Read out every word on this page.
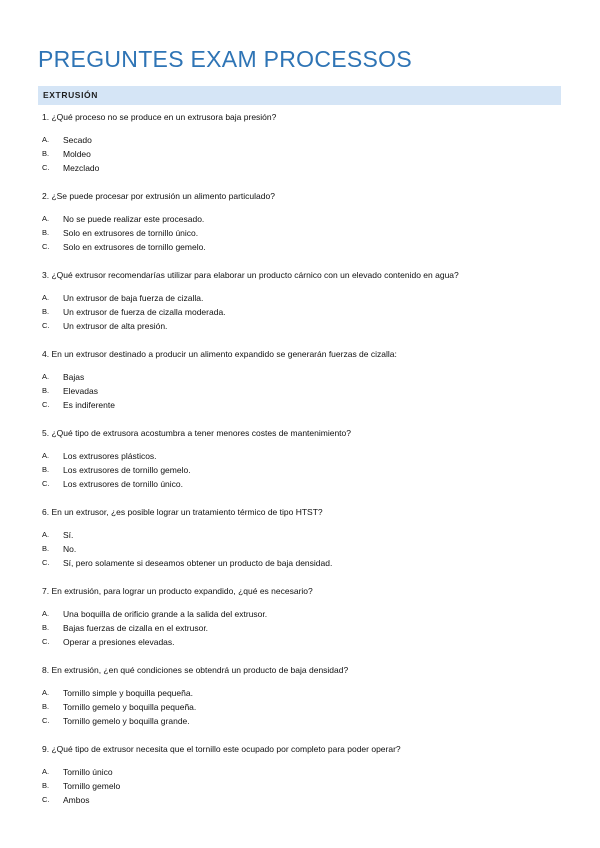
PREGUNTES EXAM PROCESSOS
EXTRUSIÓN
1. ¿Qué proceso no se produce en un extrusora baja presión?
A.	Secado
B.	Moldeo
C.	Mezclado
2. ¿Se puede procesar por extrusión un alimento particulado?
A.	No se puede realizar este procesado.
B.	Solo en extrusores de tornillo único.
C.	Solo en extrusores de tornillo gemelo.
3. ¿Qué extrusor recomendarías utilizar para elaborar un producto cárnico con un elevado contenido en agua?
A.	Un extrusor de baja fuerza de cizalla.
B.	Un extrusor de fuerza de cizalla moderada.
C.	Un extrusor de alta presión.
4. En un extrusor destinado a producir un alimento expandido se generarán fuerzas de cizalla:
A.	Bajas
B.	Elevadas
C.	Es indiferente
5. ¿Qué tipo de extrusora acostumbra a tener menores costes de mantenimiento?
A.	Los extrusores plásticos.
B.	Los extrusores de tornillo gemelo.
C.	Los extrusores de tornillo único.
6. En un extrusor, ¿es posible lograr un tratamiento térmico de tipo HTST?
A.	Sí.
B.	No.
C.	Sí, pero solamente si deseamos obtener un producto de baja densidad.
7. En extrusión, para lograr un producto expandido, ¿qué es necesario?
A.	Una boquilla de orificio grande a la salida del extrusor.
B.	Bajas fuerzas de cizalla en el extrusor.
C.	Operar a presiones elevadas.
8. En extrusión, ¿en qué condiciones se obtendrá un producto de baja densidad?
A.	Tornillo simple y boquilla pequeña.
B.	Tornillo gemelo y boquilla pequeña.
C.	Tornillo gemelo y boquilla grande.
9. ¿Qué tipo de extrusor necesita que el tornillo este ocupado por completo para poder operar?
A.	Tornillo único
B.	Tornillo gemelo
C.	Ambos
